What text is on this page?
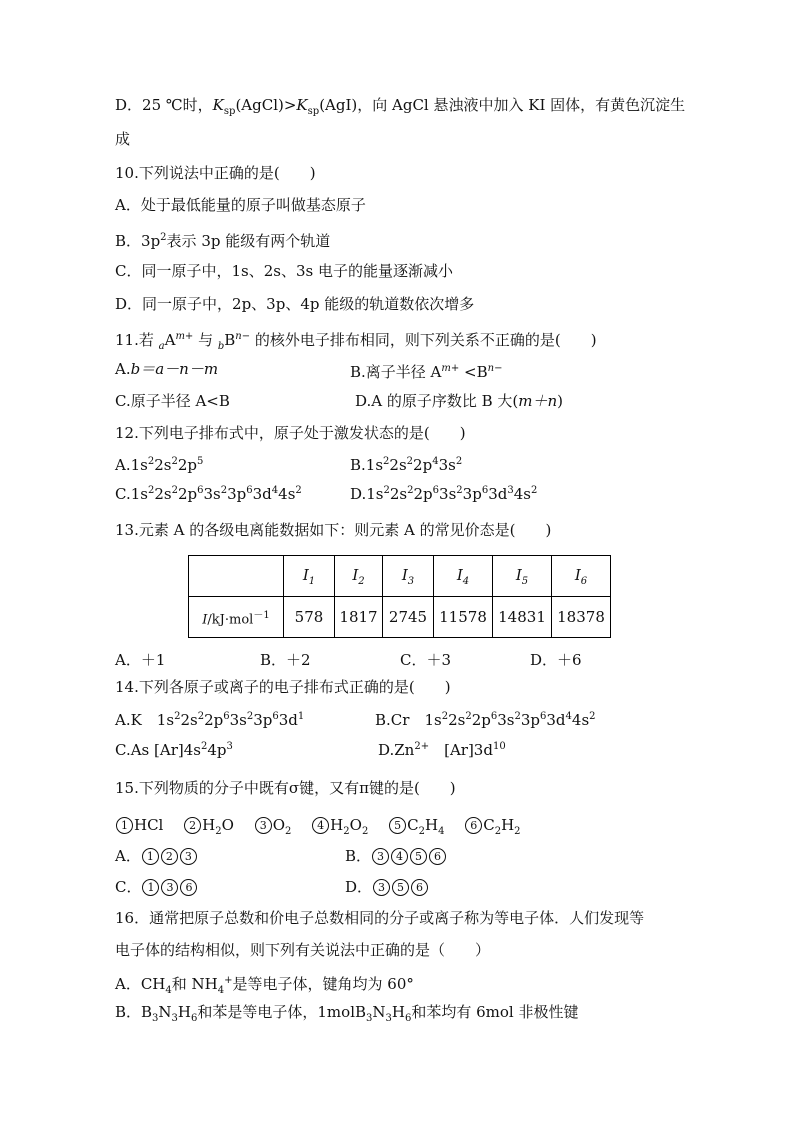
D．25 ℃时，$K_{sp}(AgCl)>K_{sp}(AgI)$，向 AgCl 悬浊液中加入 KI 固体，有黄色沉淀生
成
10.下列说法中正确的是(　　)
A．处于最低能量的原子叫做基态原子
B．$3p^2$表示 3p 能级有两个轨道
C．同一原子中，1s、2s、3s 电子的能量逐渐减小
D．同一原子中，2p、3p、4p 能级的轨道数依次增多
11.若 $_aA^{m+}$ 与 $_bB^{n-}$ 的核外电子排布相同，则下列关系不正确的是(　　)
A.b＝a－n－m	B.离子半径 $A^{m+} <B^{n-}$
C.原子半径 A<B	D.A 的原子序数比 B 大(m＋n)
12.下列电子排布式中，原子处于激发状态的是(　　)
$A.1s^22s^22p^5$	$B.1s^22s^22p^43s^2$
$C.1s^22s^22p^63s^23p^63d^44s^2$	$D.1s^22s^22p^63s^23p^63d^34s^2$
13.元素 A 的各级电离能数据如下：则元素 A 的常见价态是(　　)
	$I_1$	$I_2$	$I_3$	$I_4$	$I_5$	$I_6$
I/kJ·mol$^{-1}$	578	1817	2745	11578	14831	18378
A．＋1	B．＋2	C．＋3	D．＋6
14.下列各原子或离子的电子排布式正确的是(　　)
A.K　$1s^22s^22p^63s^23p^63d^1$	B.Cr　$1s^22s^22p^63s^23p^63d^44s^2$
C.As $[Ar]4s^24p^3$	$D.Zn^{2+}$　$[Ar]3d^{10}$
15.下列物质的分子中既有σ键，又有π键的是(　　)
1 HCl　 2 $H_2O$　 3 $O_2$　 4 $H_2O_2$　 5 $C_2H_4$　 6 $C_2H_2$
A． 1 2 3	B． 3 4 5 6
C． 1 3 6	D． 3 5 6
16．通常把原子总数和价电子总数相同的分子或离子称为等电子体．人们发现等
电子体的结构相似，则下列有关说法中正确的是（　　）
A．$CH_4$和 $NH_4^+$是等电子体，键角均为 60°
B．$B_3N_3H_6$和苯是等电子体，$1molB_3N_3H_6$和苯均有 6mol 非极性键
